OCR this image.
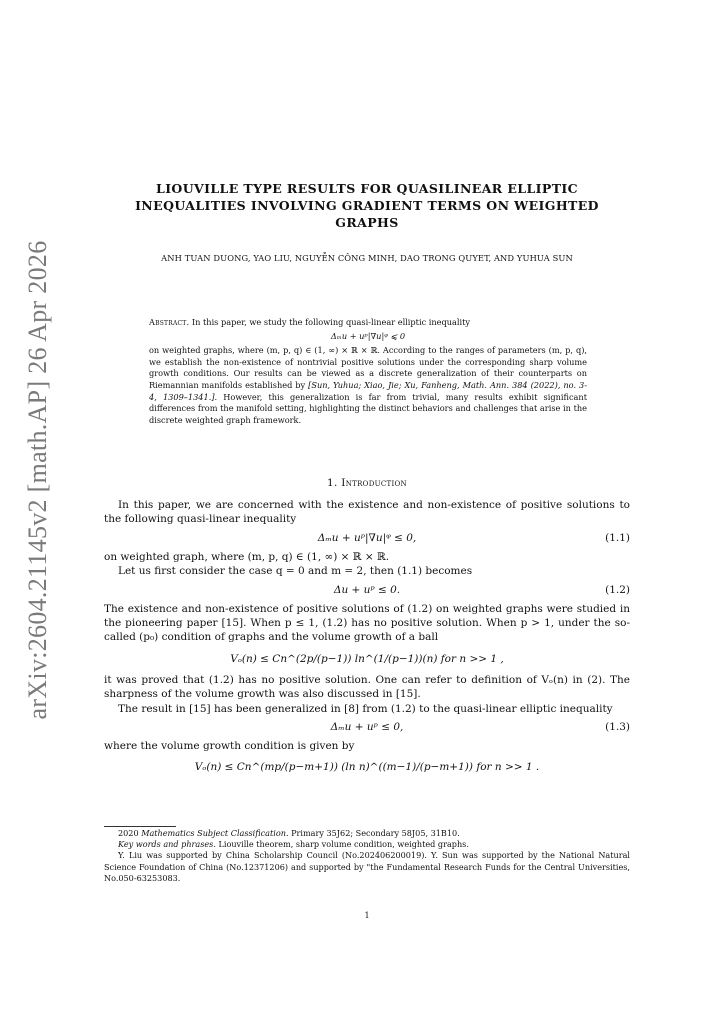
arXiv:2604.21145v2 [math.AP] 26 Apr 2026
LIOUVILLE TYPE RESULTS FOR QUASILINEAR ELLIPTIC
INEQUALITIES INVOLVING GRADIENT TERMS ON WEIGHTED
GRAPHS
ANH TUAN DUONG, YAO LIU, NGUYỄN CÔNG MINH, DAO TRONG QUYET, AND YUHUA SUN
Abstract. In this paper, we study the following quasi-linear elliptic inequality
Δₘu + uᵖ|∇u|ᵠ ⩽ 0
on weighted graphs, where (m, p, q) ∈ (1, ∞) × ℝ × ℝ. According to the ranges of parameters (m, p, q), we establish the non-existence of nontrivial positive solutions under the corresponding sharp volume growth conditions. Our results can be viewed as a discrete generalization of their counterparts on Riemannian manifolds established by [Sun, Yuhua; Xiao, Jie; Xu, Fanheng, Math. Ann. 384 (2022), no. 3-4, 1309–1341.]. However, this generalization is far from trivial, many results exhibit significant differences from the manifold setting, highlighting the distinct behaviors and challenges that arise in the discrete weighted graph framework.
1. Introduction

In this paper, we are concerned with the existence and non-existence of positive solutions to the following quasi-linear inequality

Δₘu + uᵖ|∇u|ᵠ ≤ 0,	(1.1)

on weighted graph, where (m, p, q) ∈ (1, ∞) × ℝ × ℝ.

Let us first consider the case q = 0 and m = 2, then (1.1) becomes

Δu + uᵖ ≤ 0.	(1.2)

The existence and non-existence of positive solutions of (1.2) on weighted graphs were studied in the pioneering paper [15]. When p ≤ 1, (1.2) has no positive solution. When p > 1, under the so-called (p₀) condition of graphs and the volume growth of a ball

Vₒ(n) ≤ Cn^(2p/(p−1)) ln^(1/(p−1))(n) for n >> 1 ,

it was proved that (1.2) has no positive solution. One can refer to definition of Vₒ(n) in (2). The sharpness of the volume growth was also discussed in [15].

The result in [15] has been generalized in [8] from (1.2) to the quasi-linear elliptic inequality

Δₘu + uᵖ ≤ 0,	(1.3)

where the volume growth condition is given by

Vₒ(n) ≤ Cn^(mp/(p−m+1)) (ln n)^((m−1)/(p−m+1)) for n >> 1 .

2020 Mathematics Subject Classification. Primary 35J62; Secondary 58J05, 31B10.

Key words and phrases. Liouville theorem, sharp volume condition, weighted graphs.

Y. Liu was supported by China Scholarship Council (No.202406200019). Y. Sun was supported by the National Natural Science Foundation of China (No.12371206) and supported by "the Fundamental Research Funds for the Central Universities, No.050-63253083.

1
